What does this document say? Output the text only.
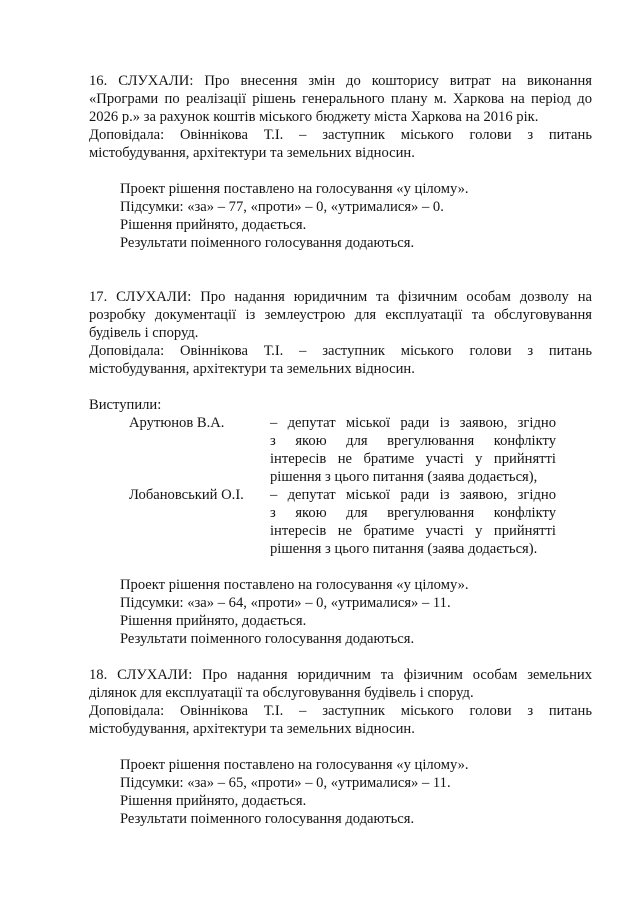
16. СЛУХАЛИ: Про внесення змін до кошторису витрат на виконання
«Програми по реалізації рішень генерального плану м. Харкова на період до
2026 р.» за рахунок коштів міського бюджету міста Харкова на 2016 рік.
Доповідала: Овіннікова Т.І. – заступник міського голови з питань
містобудування, архітектури та земельних відносин.
Проект рішення поставлено на голосування «у цілому».
Підсумки: «за» – 77, «проти» – 0, «утрималися» – 0.
Рішення прийнято, додається.
Результати поіменного голосування додаються.
17. СЛУХАЛИ: Про надання юридичним та фізичним особам дозволу на
розробку документації із землеустрою для експлуатації та обслуговування
будівель і споруд.
Доповідала: Овіннікова Т.І. – заступник міського голови з питань
містобудування, архітектури та земельних відносин.
Виступили:
Арутюнов В.А.	– депутат міської ради із заявою, згідно
з якою для врегулювання конфлікту
інтересів не братиме участі у прийнятті
рішення з цього питання (заява додається),
Лобановський О.І. – депутат міської ради із заявою, згідно
з якою для врегулювання конфлікту
інтересів не братиме участі у прийнятті
рішення з цього питання (заява додається).
Проект рішення поставлено на голосування «у цілому».
Підсумки: «за» – 64, «проти» – 0, «утрималися» – 11.
Рішення прийнято, додається.
Результати поіменного голосування додаються.
18. СЛУХАЛИ: Про надання юридичним та фізичним особам земельних
ділянок для експлуатації та обслуговування будівель і споруд.
Доповідала: Овіннікова Т.І. – заступник міського голови з питань
містобудування, архітектури та земельних відносин.
Проект рішення поставлено на голосування «у цілому».
Підсумки: «за» – 65, «проти» – 0, «утрималися» – 11.
Рішення прийнято, додається.
Результати поіменного голосування додаються.
